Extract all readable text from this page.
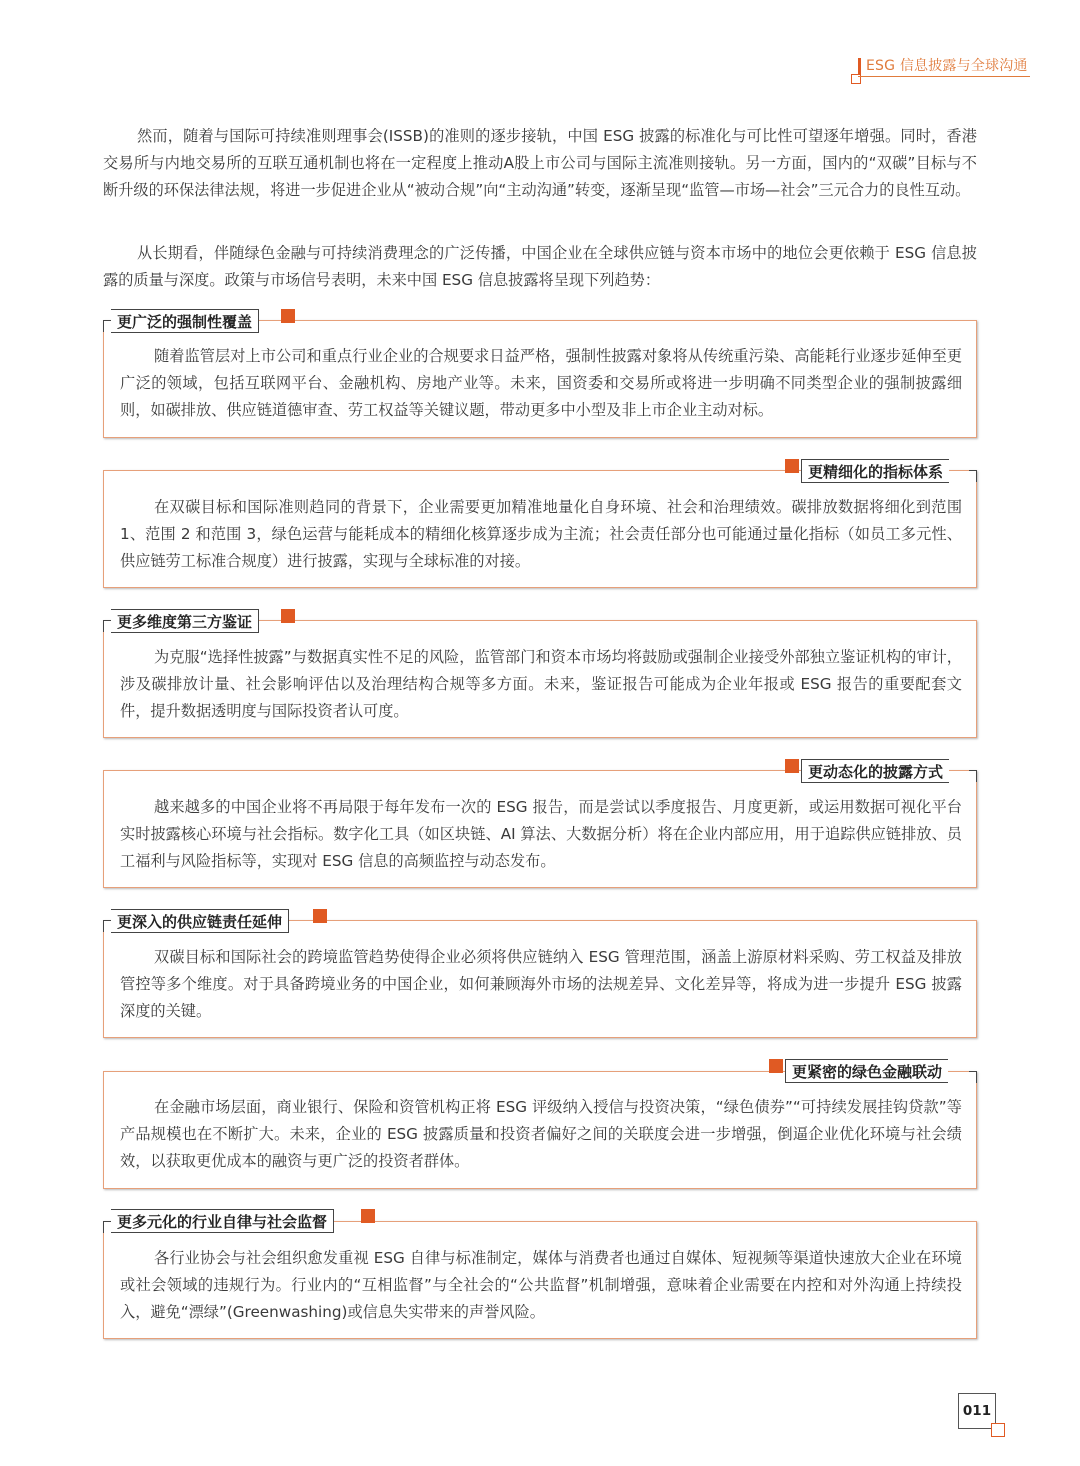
ESG 信息披露与全球沟通

然而，随着与国际可持续准则理事会(ISSB)的准则的逐步接轨，中国 ESG 披露的标准化与可比性可望逐年增强。同时，香港交易所与内地交易所的互联互通机制也将在一定程度上推动A股上市公司与国际主流准则接轨。另一方面，国内的“双碳”目标与不断升级的环保法律法规，将进一步促进企业从“被动合规”向“主动沟通”转变，逐渐呈现“监管—市场—社会”三元合力的良性互动。

从长期看，伴随绿色金融与可持续消费理念的广泛传播，中国企业在全球供应链与资本市场中的地位会更依赖于 ESG 信息披露的质量与深度。政策与市场信号表明，未来中国 ESG 信息披露将呈现下列趋势：

更广泛的强制性覆盖

随着监管层对上市公司和重点行业企业的合规要求日益严格，强制性披露对象将从传统重污染、高能耗行业逐步延伸至更广泛的领域，包括互联网平台、金融机构、房地产业等。未来，国资委和交易所或将进一步明确不同类型企业的强制披露细则，如碳排放、供应链道德审查、劳工权益等关键议题，带动更多中小型及非上市企业主动对标。

更精细化的指标体系

在双碳目标和国际准则趋同的背景下，企业需要更加精准地量化自身环境、社会和治理绩效。碳排放数据将细化到范围 1、范围 2 和范围 3，绿色运营与能耗成本的精细化核算逐步成为主流；社会责任部分也可能通过量化指标（如员工多元性、供应链劳工标准合规度）进行披露，实现与全球标准的对接。

更多维度第三方鉴证

为克服“选择性披露”与数据真实性不足的风险，监管部门和资本市场均将鼓励或强制企业接受外部独立鉴证机构的审计，涉及碳排放计量、社会影响评估以及治理结构合规等多方面。未来，鉴证报告可能成为企业年报或 ESG 报告的重要配套文件，提升数据透明度与国际投资者认可度。

更动态化的披露方式

越来越多的中国企业将不再局限于每年发布一次的 ESG 报告，而是尝试以季度报告、月度更新，或运用数据可视化平台实时披露核心环境与社会指标。数字化工具（如区块链、AI 算法、大数据分析）将在企业内部应用，用于追踪供应链排放、员工福利与风险指标等，实现对 ESG 信息的高频监控与动态发布。

更深入的供应链责任延伸

双碳目标和国际社会的跨境监管趋势使得企业必须将供应链纳入 ESG 管理范围，涵盖上游原材料采购、劳工权益及排放管控等多个维度。对于具备跨境业务的中国企业，如何兼顾海外市场的法规差异、文化差异等，将成为进一步提升 ESG 披露深度的关键。

更紧密的绿色金融联动

在金融市场层面，商业银行、保险和资管机构正将 ESG 评级纳入授信与投资决策，“绿色债券”“可持续发展挂钩贷款”等产品规模也在不断扩大。未来，企业的 ESG 披露质量和投资者偏好之间的关联度会进一步增强，倒逼企业优化环境与社会绩效，以获取更优成本的融资与更广泛的投资者群体。

更多元化的行业自律与社会监督

各行业协会与社会组织愈发重视 ESG 自律与标准制定，媒体与消费者也通过自媒体、短视频等渠道快速放大企业在环境或社会领域的违规行为。行业内的“互相监督”与全社会的“公共监督”机制增强，意味着企业需要在内控和对外沟通上持续投入，避免“漂绿”(Greenwashing)或信息失实带来的声誉风险。

011
